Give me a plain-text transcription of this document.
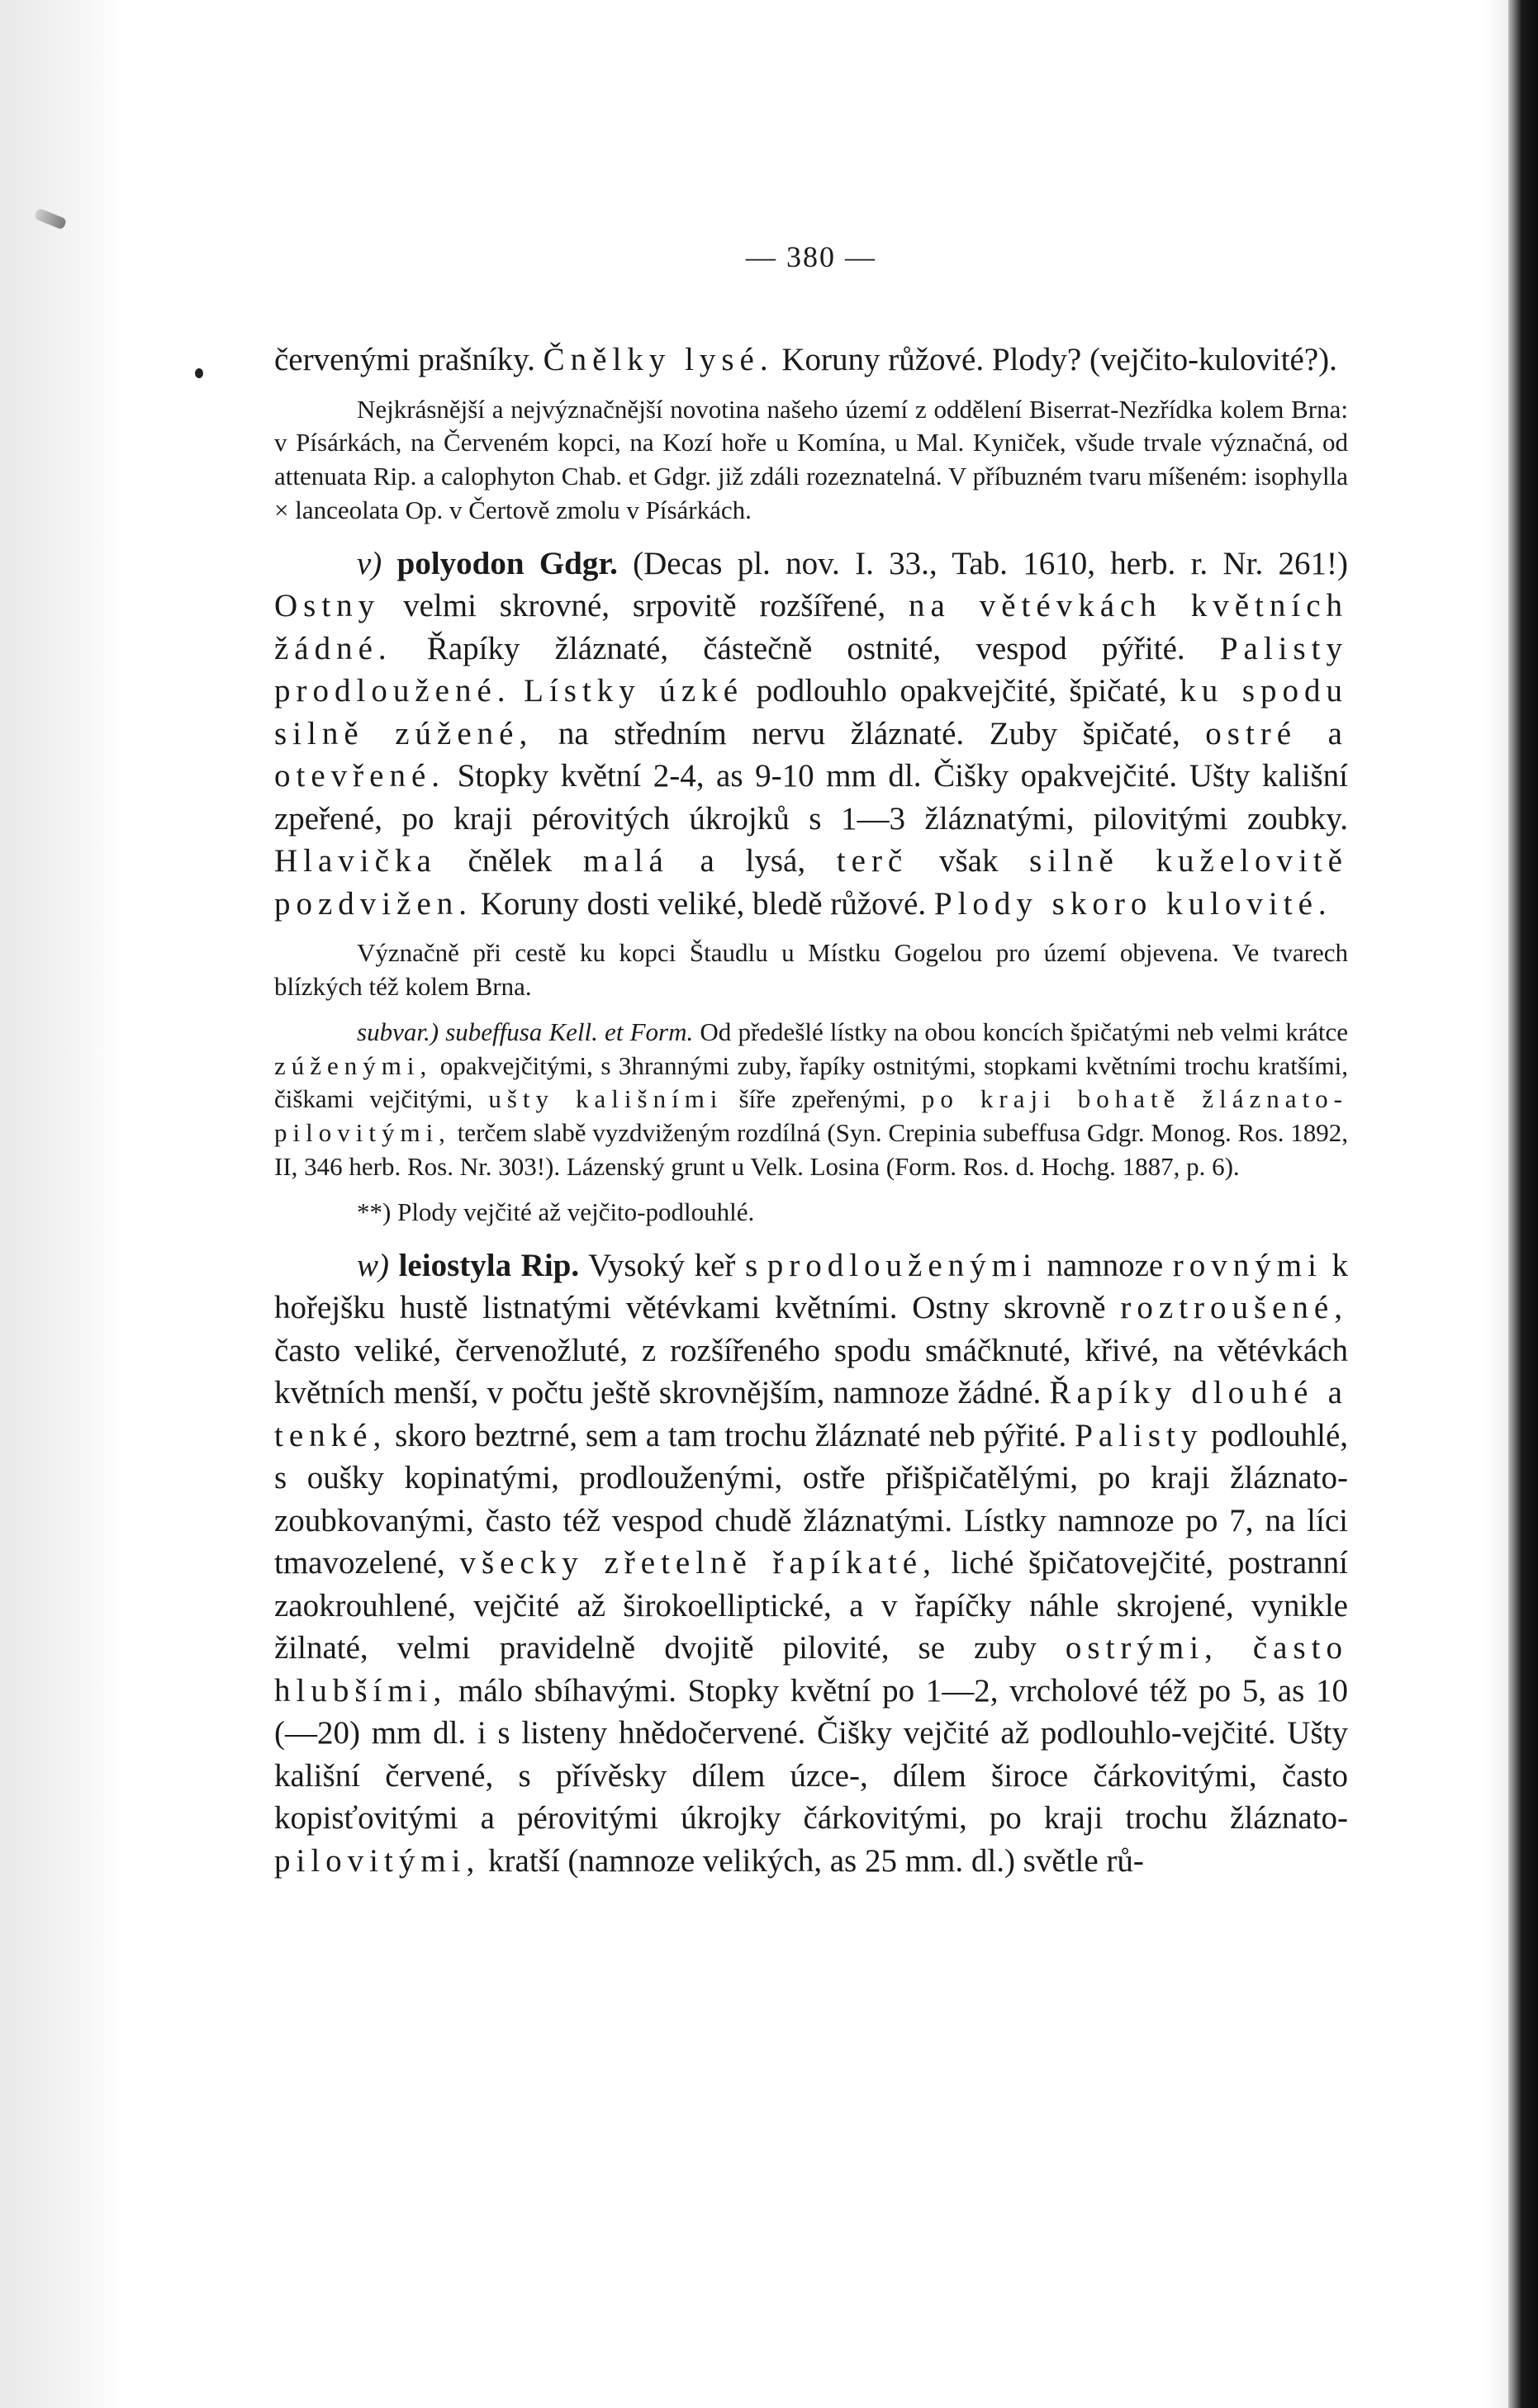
— 380 —

červenými prašníky. Čnělky lysé. Koruny růžové. Plody? (vejčito-kulovité?).

Nejkrásnější a nejvýznačnější novotina našeho území z oddělení Biserrat-Nezřídka kolem Brna: v Písárkách, na Červeném kopci, na Kozí hoře u Komína, u Mal. Kyniček, všude trvale význačná, od attenuata Rip. a calophyton Chab. et Gdgr. již zdáli rozeznatelná. V příbuzném tvaru míšeném: isophylla × lanceolata Op. v Čertově zmolu v Písárkách.

v) polyodon Gdgr. (Decas pl. nov. I. 33., Tab. 1610, herb. r. Nr. 261!) Ostny velmi skrovné, srpovitě rozšířené, na větévkách květních žádné. Řapíky žláznaté, částečně ostnité, vespod pýřité. Palisty prodloužené. Lístky úzké podlouhlo opakvejčité, špičaté, ku spodu silně zúžené, na středním nervu žláznaté. Zuby špičaté, ostré a otevřené. Stopky květní 2-4, as 9-10 mm dl. Čišky opakvejčité. Ušty kališní zpeřené, po kraji pérovitých úkrojků s 1—3 žláznatými, pilovitými zoubky. Hlavička čnělek malá a lysá, terč však silně kuželovitě pozdvižen. Koruny dosti veliké, bledě růžové. Plody skoro kulovité.

Význačně při cestě ku kopci Štaudlu u Místku Gogelou pro území objevena. Ve tvarech blízkých též kolem Brna.

subvar.) subeffusa Kell. et Form. Od předešlé lístky na obou koncích špičatými neb velmi krátce zúženými, opakvejčitými, s 3hrannými zuby, řapíky ostnitými, stopkami květními trochu kratšími, čiškami vejčitými, ušty kališními šíře zpeřenými, po kraji bohatě žláznato-pilovitými, terčem slabě vyzdviženým rozdílná (Syn. Crepinia subeffusa Gdgr. Monog. Ros. 1892, II, 346 herb. Ros. Nr. 303!). Lázenský grunt u Velk. Losina (Form. Ros. d. Hochg. 1887, p. 6).

**) Plody vejčité až vejčito-podlouhlé.

w) leiostyla Rip. Vysoký keř s prodlouženými namnoze rovnými k hořejšku hustě listnatými větévkami květními. Ostny skrovně roztroušené, často veliké, červenožluté, z rozšířeného spodu smáčknuté, křivé, na větévkách květních menší, v počtu ještě skrovnějším, namnoze žádné. Řapíky dlouhé a tenké, skoro beztrné, sem a tam trochu žláznaté neb pýřité. Palisty podlouhlé, s oušky kopinatými, prodlouženými, ostře přišpičatělými, po kraji žláznato-zoubkovanými, často též vespod chudě žláznatými. Lístky namnoze po 7, na líci tmavozelené, všecky zřetelně řapíkaté, liché špičatovejčité, postranní zaokrouhlené, vejčité až širokoelliptické, a v řapíčky náhle skrojené, vynikle žilnaté, velmi pravidelně dvojitě pilovité, se zuby ostrými, často hlubšími, málo sbíhavými. Stopky květní po 1—2, vrcholové též po 5, as 10 (—20) mm dl. i s listeny hnědočervené. Čišky vejčité až podlouhlo-vejčité. Ušty kališní červené, s přívěsky dílem úzce-, dílem široce čárkovitými, často kopisťovitými a pérovitými úkrojky čárkovitými, po kraji trochu žláznato-pilovitými, kratší (namnoze velikých, as 25 mm. dl.) světle rů-
